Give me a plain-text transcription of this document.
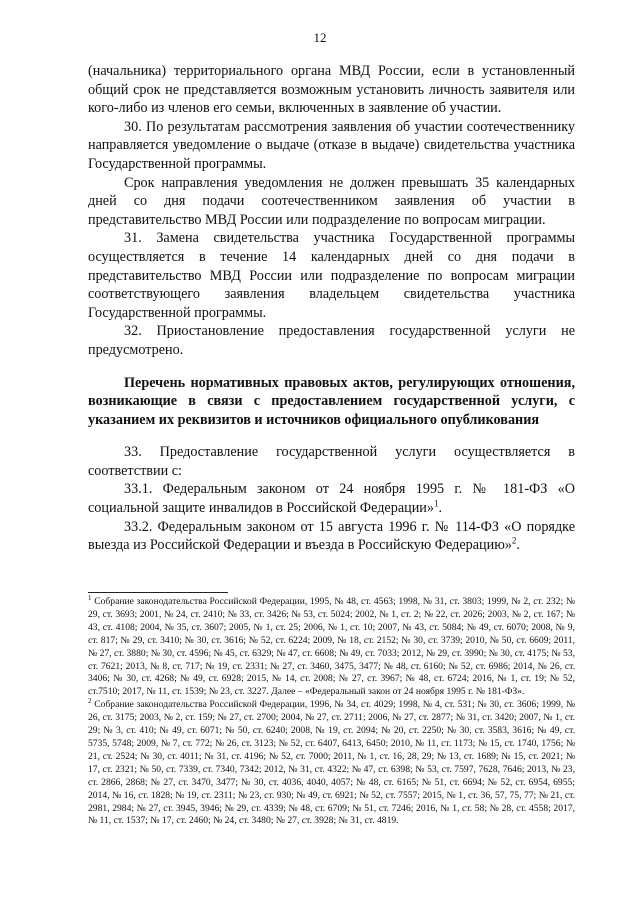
12

(начальника) территориального органа МВД России, если в установленный общий срок не представляется возможным установить личность заявителя или кого-либо из членов его семьи, включенных в заявление об участии.

30. По результатам рассмотрения заявления об участии соотечественнику направляется уведомление о выдаче (отказе в выдаче) свидетельства участника Государственной программы.

Срок направления уведомления не должен превышать 35 календарных дней со дня подачи соотечественником заявления об участии в представительство МВД России или подразделение по вопросам миграции.

31. Замена свидетельства участника Государственной программы осуществляется в течение 14 календарных дней со дня подачи в представительство МВД России или подразделение по вопросам миграции соответствующего заявления владельцем свидетельства участника Государственной программы.

32. Приостановление предоставления государственной услуги не предусмотрено.

Перечень нормативных правовых актов, регулирующих отношения, возникающие в связи с предоставлением государственной услуги, с указанием их реквизитов и источников официального опубликования

33. Предоставление государственной услуги осуществляется в соответствии с:

33.1. Федеральным законом от 24 ноября 1995 г. № 181-ФЗ «О социальной защите инвалидов в Российской Федерации»$^1$.

33.2. Федеральным законом от 15 августа 1996 г. № 114-ФЗ «О порядке выезда из Российской Федерации и въезда в Российскую Федерацию»$^2$.

$^1$ Собрание законодательства Российской Федерации, 1995, № 48, ст. 4563; 1998, № 31, ст. 3803; 1999, № 2, ст. 232; № 29, ст. 3693; 2001, № 24, ст. 2410; № 33, ст. 3426; № 53, ст. 5024; 2002, № 1, ст. 2; № 22, ст. 2026; 2003, № 2, ст. 167; № 43, ст. 4108; 2004, № 35, ст. 3607; 2005, № 1, ст. 25; 2006, № 1, ст. 10; 2007, № 43, ст. 5084; № 49, ст. 6070; 2008, № 9, ст. 817; № 29, ст. 3410; № 30, ст. 3616; № 52, ст. 6224; 2009, № 18, ст. 2152; № 30, ст. 3739; 2010, № 50, ст. 6609; 2011, № 27, ст. 3880; № 30, ст. 4596; № 45, ст. 6329; № 47, ст. 6608; № 49, ст. 7033; 2012, № 29, ст. 3990; № 30, ст. 4175; № 53, ст. 7621; 2013, № 8, ст. 717; № 19, ст. 2331; № 27, ст. 3460, 3475, 3477; № 48, ст. 6160; № 52, ст. 6986; 2014, № 26, ст. 3406; № 30, ст. 4268; № 49, ст. 6928; 2015, № 14, ст. 2008; № 27, ст. 3967; № 48, ст. 6724; 2016, № 1, ст. 19; № 52, ст.7510; 2017, № 11, ст. 1539; № 23, ст. 3227. Далее – «Федеральный закон от 24 ноября 1995 г. № 181-ФЗ».

$^2$ Собрание законодательства Российской Федерации, 1996, № 34, ст. 4029; 1998, № 4, ст. 531; № 30, ст. 3606; 1999, № 26, ст. 3175; 2003, № 2, ст. 159; № 27, ст. 2700; 2004, № 27, ст. 2711; 2006, № 27, ст. 2877; № 31, ст. 3420; 2007, № 1, ст. 29; № 3, ст. 410; № 49, ст. 6071; № 50, ст. 6240; 2008, № 19, ст. 2094; № 20, ст. 2250; № 30, ст. 3583, 3616; № 49, ст. 5735, 5748; 2009, № 7, ст. 772; № 26, ст. 3123; № 52, ст. 6407, 6413, 6450; 2010, № 11, ст. 1173; № 15, ст. 1740, 1756; № 21, ст. 2524; № 30, ст. 4011; № 31, ст. 4196; № 52, ст. 7000; 2011, № 1, ст. 16, 28, 29; № 13, ст. 1689; № 15, ст. 2021; № 17, ст. 2321; № 50, ст. 7339, ст. 7340, 7342; 2012, № 31, ст. 4322; № 47, ст. 6398; № 53, ст. 7597, 7628, 7646; 2013, № 23, ст. 2866, 2868; № 27, ст. 3470, 3477; № 30, ст. 4036, 4040, 4057; № 48, ст. 6165; № 51, ст. 6694; № 52, ст. 6954, 6955; 2014, № 16, ст. 1828; № 19, ст. 2311; № 23, ст. 930; № 49, ст. 6921; № 52, ст. 7557; 2015, № 1, ст. 36, 57, 75, 77; № 21, ст. 2981, 2984; № 27, ст. 3945, 3946; № 29, ст. 4339; № 48, ст. 6709; № 51, ст. 7246; 2016, № 1, ст. 58; № 28, ст. 4558; 2017, № 11, ст. 1537; № 17, ст. 2460; № 24, ст. 3480; № 27, ст. 3928; № 31, ст. 4819.
